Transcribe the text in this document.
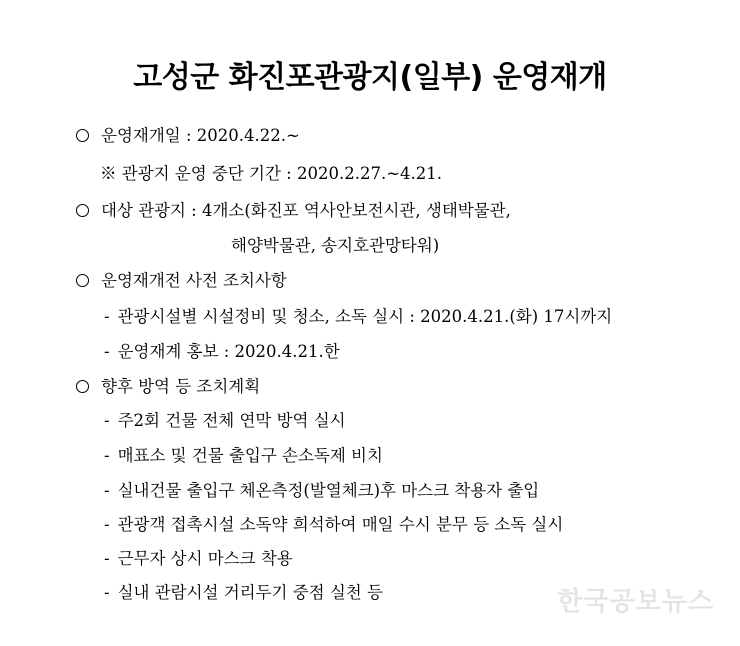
고성군 화진포관광지(일부) 운영재개
운영재개일 : 2020.4.22.~
※ 관광지 운영 중단 기간 : 2020.2.27.~4.21.
대상 관광지 : 4개소(화진포 역사안보전시관, 생태박물관,
해양박물관, 송지호관망타워)
운영재개전 사전 조치사항
- 관광시설별 시설정비 및 청소, 소독 실시 : 2020.4.21.(화) 17시까지
- 운영재계 홍보 : 2020.4.21.한
향후 방역 등 조치계획
- 주2회 건물 전체 연막 방역 실시
- 매표소 및 건물 출입구 손소독제 비치
- 실내건물 출입구 체온측정(발열체크)후 마스크 착용자 출입
- 관광객 접촉시설 소독약 희석하여 매일 수시 분무 등 소독 실시
- 근무자 상시 마스크 착용
- 실내 관람시설 거리두기 중점 실천 등	한국공보뉴스
